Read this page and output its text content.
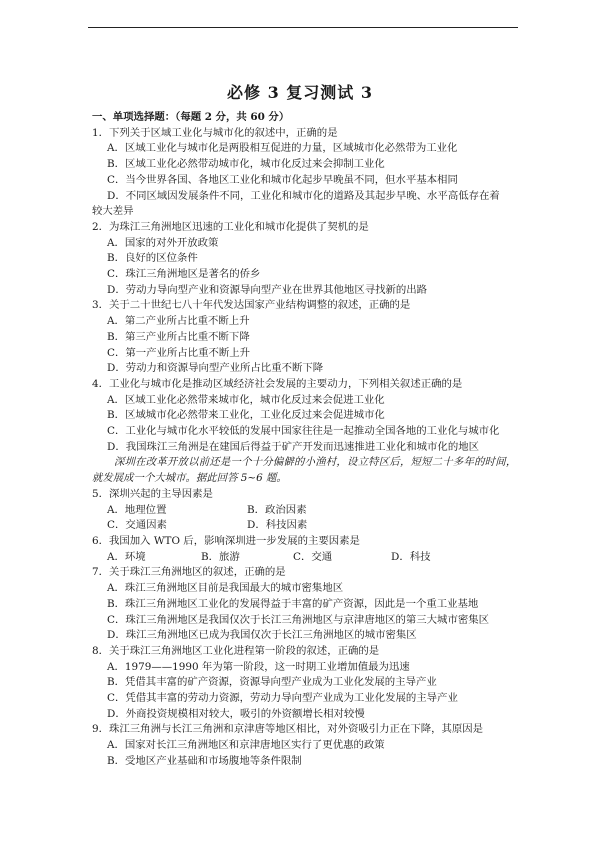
必修 3 复习测试 3
一、单项选择题：（每题 2 分，共 60 分）
1．下列关于区域工业化与城市化的叙述中，正确的是
A．区域工业化与城市化是两股相互促进的力量，区域城市化必然带为工业化
B．区域工业化必然带动城市化，城市化反过来会抑制工业化
C．当今世界各国、各地区工业化和城市化起步早晚虽不同，但水平基本相同
D．不同区域因发展条件不同，工业化和城市化的道路及其起步早晚、水平高低存在着
较大差异
2．为珠江三角洲地区迅速的工业化和城市化提供了契机的是
A．国家的对外开放政策
B．良好的区位条件
C．珠江三角洲地区是著名的侨乡
D．劳动力导向型产业和资源导向型产业在世界其他地区寻找新的出路
3．关于二十世纪七八十年代发达国家产业结构调整的叙述，正确的是
A．第二产业所占比重不断上升
B．第三产业所占比重不断下降
C．第一产业所占比重不断上升
D．劳动力和资源导向型产业所占比重不断下降
4．工业化与城市化是推动区域经济社会发展的主要动力，下列相关叙述正确的是
A．区域工业化必然带来城市化，城市化反过来会促进工业化
B．区域城市化必然带来工业化，工业化反过来会促进城市化
C．工业化与城市化水平较低的发展中国家往往是一起推动全国各地的工业化与城市化
D．我国珠江三角洲是在建国后得益于矿产开发而迅速推进工业化和城市化的地区
深圳在改革开放以前还是一个十分偏僻的小渔村，设立特区后，短短二十多年的时间，
就发展成一个大城市。据此回答 5~6 题。
5．深圳兴起的主导因素是
A．地理位置	B．政治因素
C．交通因素	D．科技因素
6．我国加入 WTO 后，影响深圳进一步发展的主要因素是
A．环境	B．旅游	C．交通	D．科技
7．关于珠江三角洲地区的叙述，正确的是
A．珠江三角洲地区目前是我国最大的城市密集地区
B．珠江三角洲地区工业化的发展得益于丰富的矿产资源，因此是一个重工业基地
C．珠江三角洲地区是我国仅次于长江三角洲地区与京津唐地区的第三大城市密集区
D．珠江三角洲地区已成为我国仅次于长江三角洲地区的城市密集区
8．关于珠江三角洲地区工业化进程第一阶段的叙述，正确的是
A．1979——1990 年为第一阶段，这一时期工业增加值最为迅速
B．凭借其丰富的矿产资源，资源导向型产业成为工业化发展的主导产业
C．凭借其丰富的劳动力资源，劳动力导向型产业成为工业化发展的主导产业
D．外商投资规模相对较大，吸引的外资额增长相对较慢
9．珠江三角洲与长江三角洲和京津唐等地区相比，对外资吸引力正在下降，其原因是
A．国家对长江三角洲地区和京津唐地区实行了更优惠的政策
B．受地区产业基础和市场腹地等条件限制
